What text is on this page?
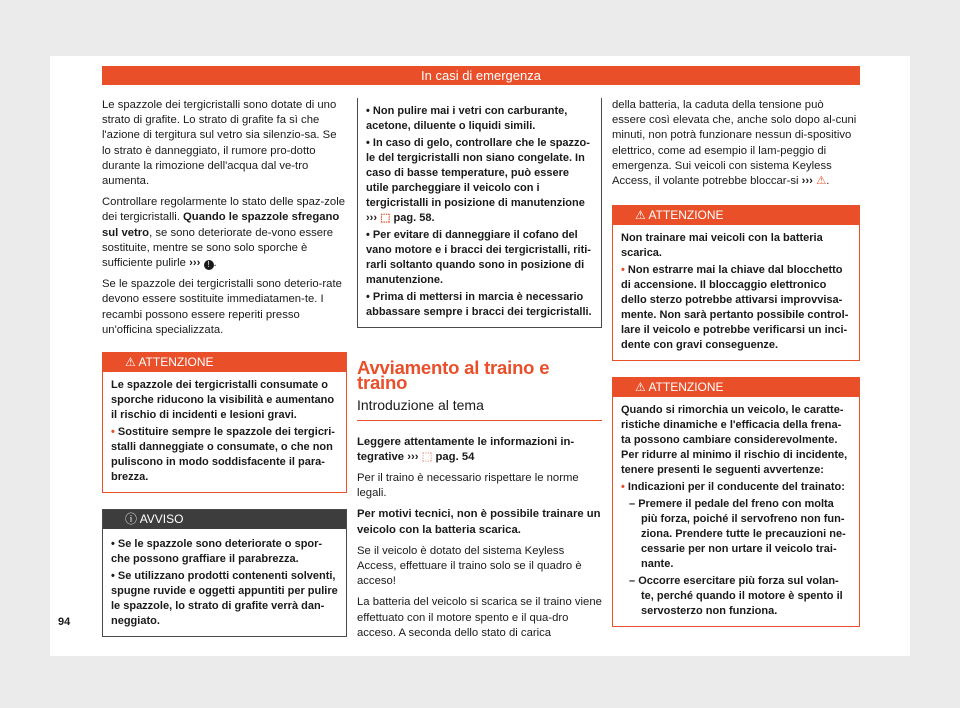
In casi di emergenza

Le spazzole dei tergicristalli sono dotate di uno strato di grafite. Lo strato di grafite fa sì che l'azione di tergitura sul vetro sia silenzio-sa. Se lo strato è danneggiato, il rumore pro-dotto durante la rimozione dell'acqua dal ve-tro aumenta.

Controllare regolarmente lo stato delle spaz-zole dei tergicristalli. Quando le spazzole sfregano sul vetro, se sono deteriorate de-vono essere sostituite, mentre se sono solo sporche è sufficiente pulirle ››› ! .

Se le spazzole dei tergicristalli sono deterio-rate devono essere sostituite immediatamen-te. I recambi possono essere reperiti presso un'officina specializzata.

⚠ ATTENZIONE
Le spazzole dei tergicristalli consumate o sporche riducono la visibilità e aumentano il rischio di incidenti e lesioni gravi.
• Sostituire sempre le spazzole dei tergicri-stalli danneggiate o consumate, o che non puliscono in modo soddisfacente il para-brezza.
ⓘ AVVISO
• Se le spazzole sono deteriorate o spor-che possono graffiare il parabrezza.
• Se utilizzano prodotti contenenti solventi, spugne ruvide e oggetti appuntiti per pulire le spazzole, lo strato di grafite verrà dan-neggiato.
• Non pulire mai i vetri con carburante, acetone, diluente o liquidi simili.
• In caso di gelo, controllare che le spazzo-le del tergicristalli non siano congelate. In caso di basse temperature, può essere utile parcheggiare il veicolo con i tergicristalli in posizione di manutenzione ››› ⬚ pag. 58.
• Per evitare di danneggiare il cofano del vano motore e i bracci dei tergicristalli, riti-rarli soltanto quando sono in posizione di manutenzione.
• Prima di mettersi in marcia è necessario abbassare sempre i bracci dei tergicristalli.
Avviamento al traino e traino
Introduzione al tema

Leggere attentamente le informazioni in-tegrative ››› ⬚ pag. 54

Per il traino è necessario rispettare le norme legali.

Per motivi tecnici, non è possibile trainare un veicolo con la batteria scarica.

Se il veicolo è dotato del sistema Keyless Access, effettuare il traino solo se il quadro è acceso!

La batteria del veicolo si scarica se il traino viene effettuato con il motore spento e il qua-dro acceso. A seconda dello stato di carica

della batteria, la caduta della tensione può essere così elevata che, anche solo dopo al-cuni minuti, non potrà funzionare nessun di-spositivo elettrico, come ad esempio il lam-peggio di emergenza. Sui veicoli con sistema Keyless Access, il volante potrebbe bloccar-si ››› ⚠.

⚠ ATTENZIONE
Non trainare mai veicoli con la batteria scarica.
• Non estrarre mai la chiave dal blocchetto di accensione. Il bloccaggio elettronico dello sterzo potrebbe attivarsi improvvisa-mente. Non sarà pertanto possibile control-lare il veicolo e potrebbe verificarsi un inci-dente con gravi conseguenze.
⚠ ATTENZIONE
Quando si rimorchia un veicolo, le caratte-ristiche dinamiche e l'efficacia della frena-ta possono cambiare considerevolmente. Per ridurre al minimo il rischio di incidente, tenere presenti le seguenti avvertenze:
• Indicazioni per il conducente del trainato:
– Premere il pedale del freno con molta più forza, poiché il servofreno non fun-ziona. Prendere tutte le precauzioni ne-cessarie per non urtare il veicolo trai-nante.
– Occorre esercitare più forza sul volan-te, perché quando il motore è spento il servosterzo non funziona.
94
